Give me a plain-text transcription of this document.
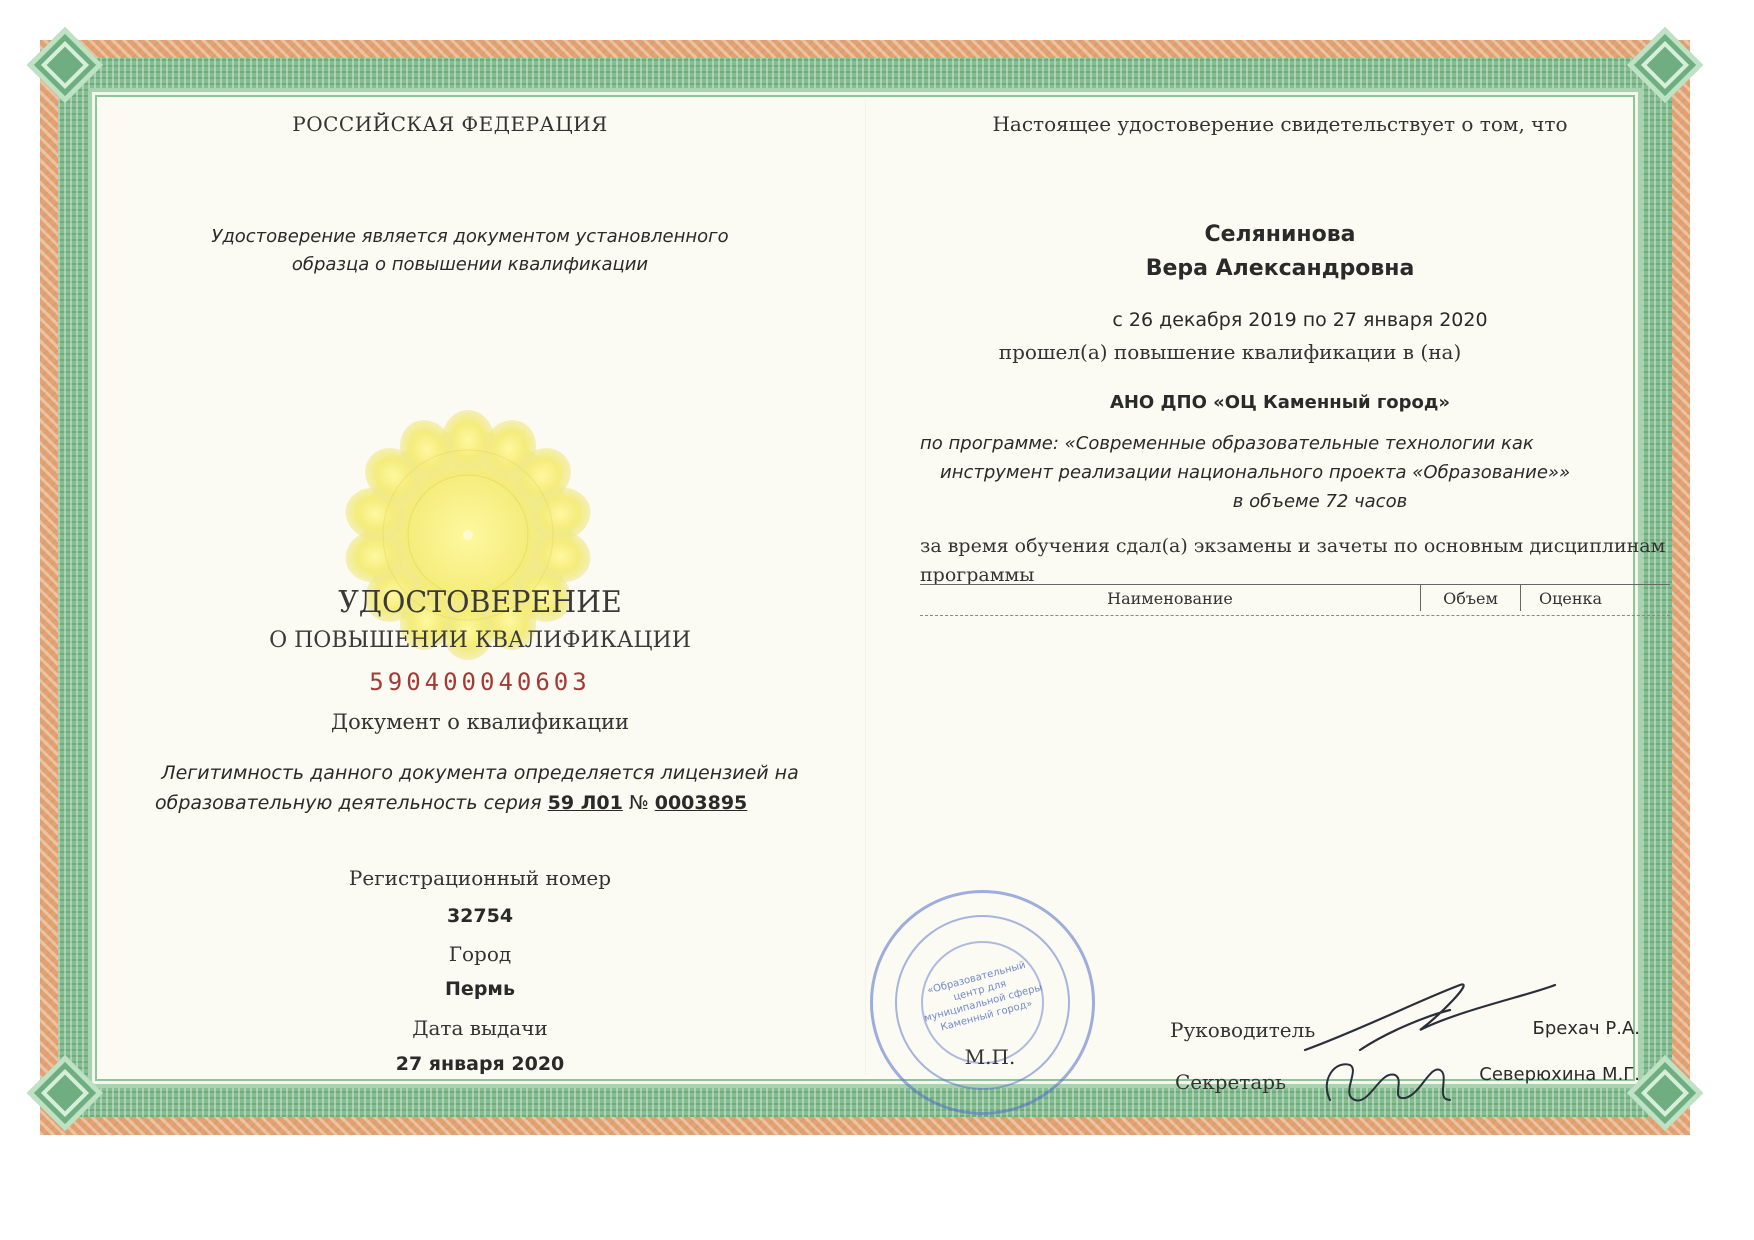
РОССИЙСКАЯ ФЕДЕРАЦИЯ
Удостоверение является документом установленного
образца о повышении квалификации
УДОСТОВЕРЕНИЕ
О ПОВЫШЕНИИ КВАЛИФИКАЦИИ
590400040603
Документ о квалификации
Легитимность данного документа определяется лицензией на
образовательную деятельность серия 59 Л01 № 0003895
Регистрационный номер
32754
Город
Пермь
Дата выдачи
27 января 2020
Настоящее удостоверение свидетельствует о том, что
Селянинова
Вера Александровна
с 26 декабря 2019 по 27 января 2020
прошел(а) повышение квалификации в (на)
АНО ДПО «ОЦ Каменный город»
по программе: «Современные образовательные технологии как
инструмент реализации национального проекта «Образование»»
в объеме 72 часов
за время обучения сдал(а) экзамены и зачеты по основным дисциплинам
программы
Наименование	Объем	Оценка
«Образовательный центр для муниципальной сферы Каменный город»
М.П.
Руководитель	Брехач Р.А.
Секретарь	Северюхина М.Г.
